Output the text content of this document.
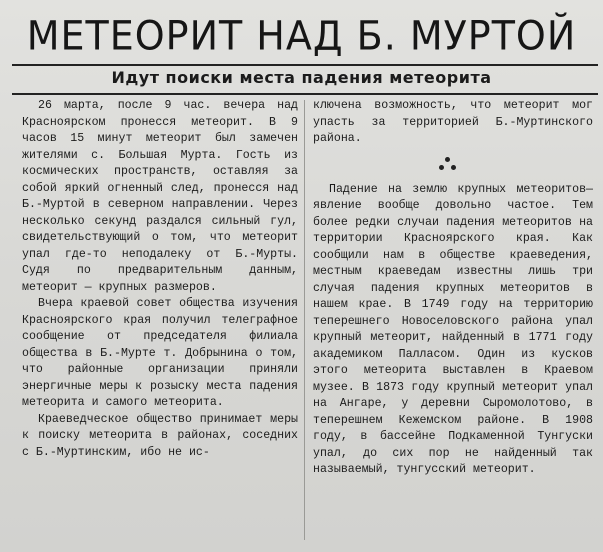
МЕТЕОРИТ НАД Б. МУРТОЙ
Идут поиски места падения метеорита

26 марта, после 9 час. вечера над Красноярском пронесся метеорит. В 9 часов 15 минут метеорит был замечен жителями с. Большая Мурта. Гость из космических пространств, оставляя за собой яркий огненный след, пронесся над Б.-Муртой в северном направлении. Через несколько секунд раздался сильный гул, свидетельствующий о том, что метеорит упал где-то неподалеку от Б.-Мурты. Судя по предварительным данным, метеорит — крупных размеров.

Вчера краевой совет общества изучения Красноярского края получил телеграфное сообщение от председателя филиала общества в Б.-Мурте т. Добрынина о том, что районные организации приняли энергичные меры к розыску места падения метеорита и самого метеорита.

Краеведческое общество принимает меры к поиску метеорита в районах, соседних с Б.-Муртинским, ибо не ис-

ключена возможность, что метеорит мог упасть за территорией Б.-Муртинского района.

Падение на землю крупных метеоритов—явление вообще довольно частое. Тем более редки случаи падения метеоритов на территории Красноярского края. Как сообщили нам в обществе краеведения, местным краеведам известны лишь три случая падения крупных метеоритов в нашем крае. В 1749 году на территорию теперешнего Новоселовского района упал крупный метеорит, найденный в 1771 году академиком Палласом. Один из кусков этого метеорита выставлен в Краевом музее. В 1873 году крупный метеорит упал на Ангаре, у деревни Сыромолотово, в теперешнем Кежемском районе. В 1908 году, в бассейне Подкаменной Тунгуски упал, до сих пор не найденный так называемый, тунгусский метеорит.
